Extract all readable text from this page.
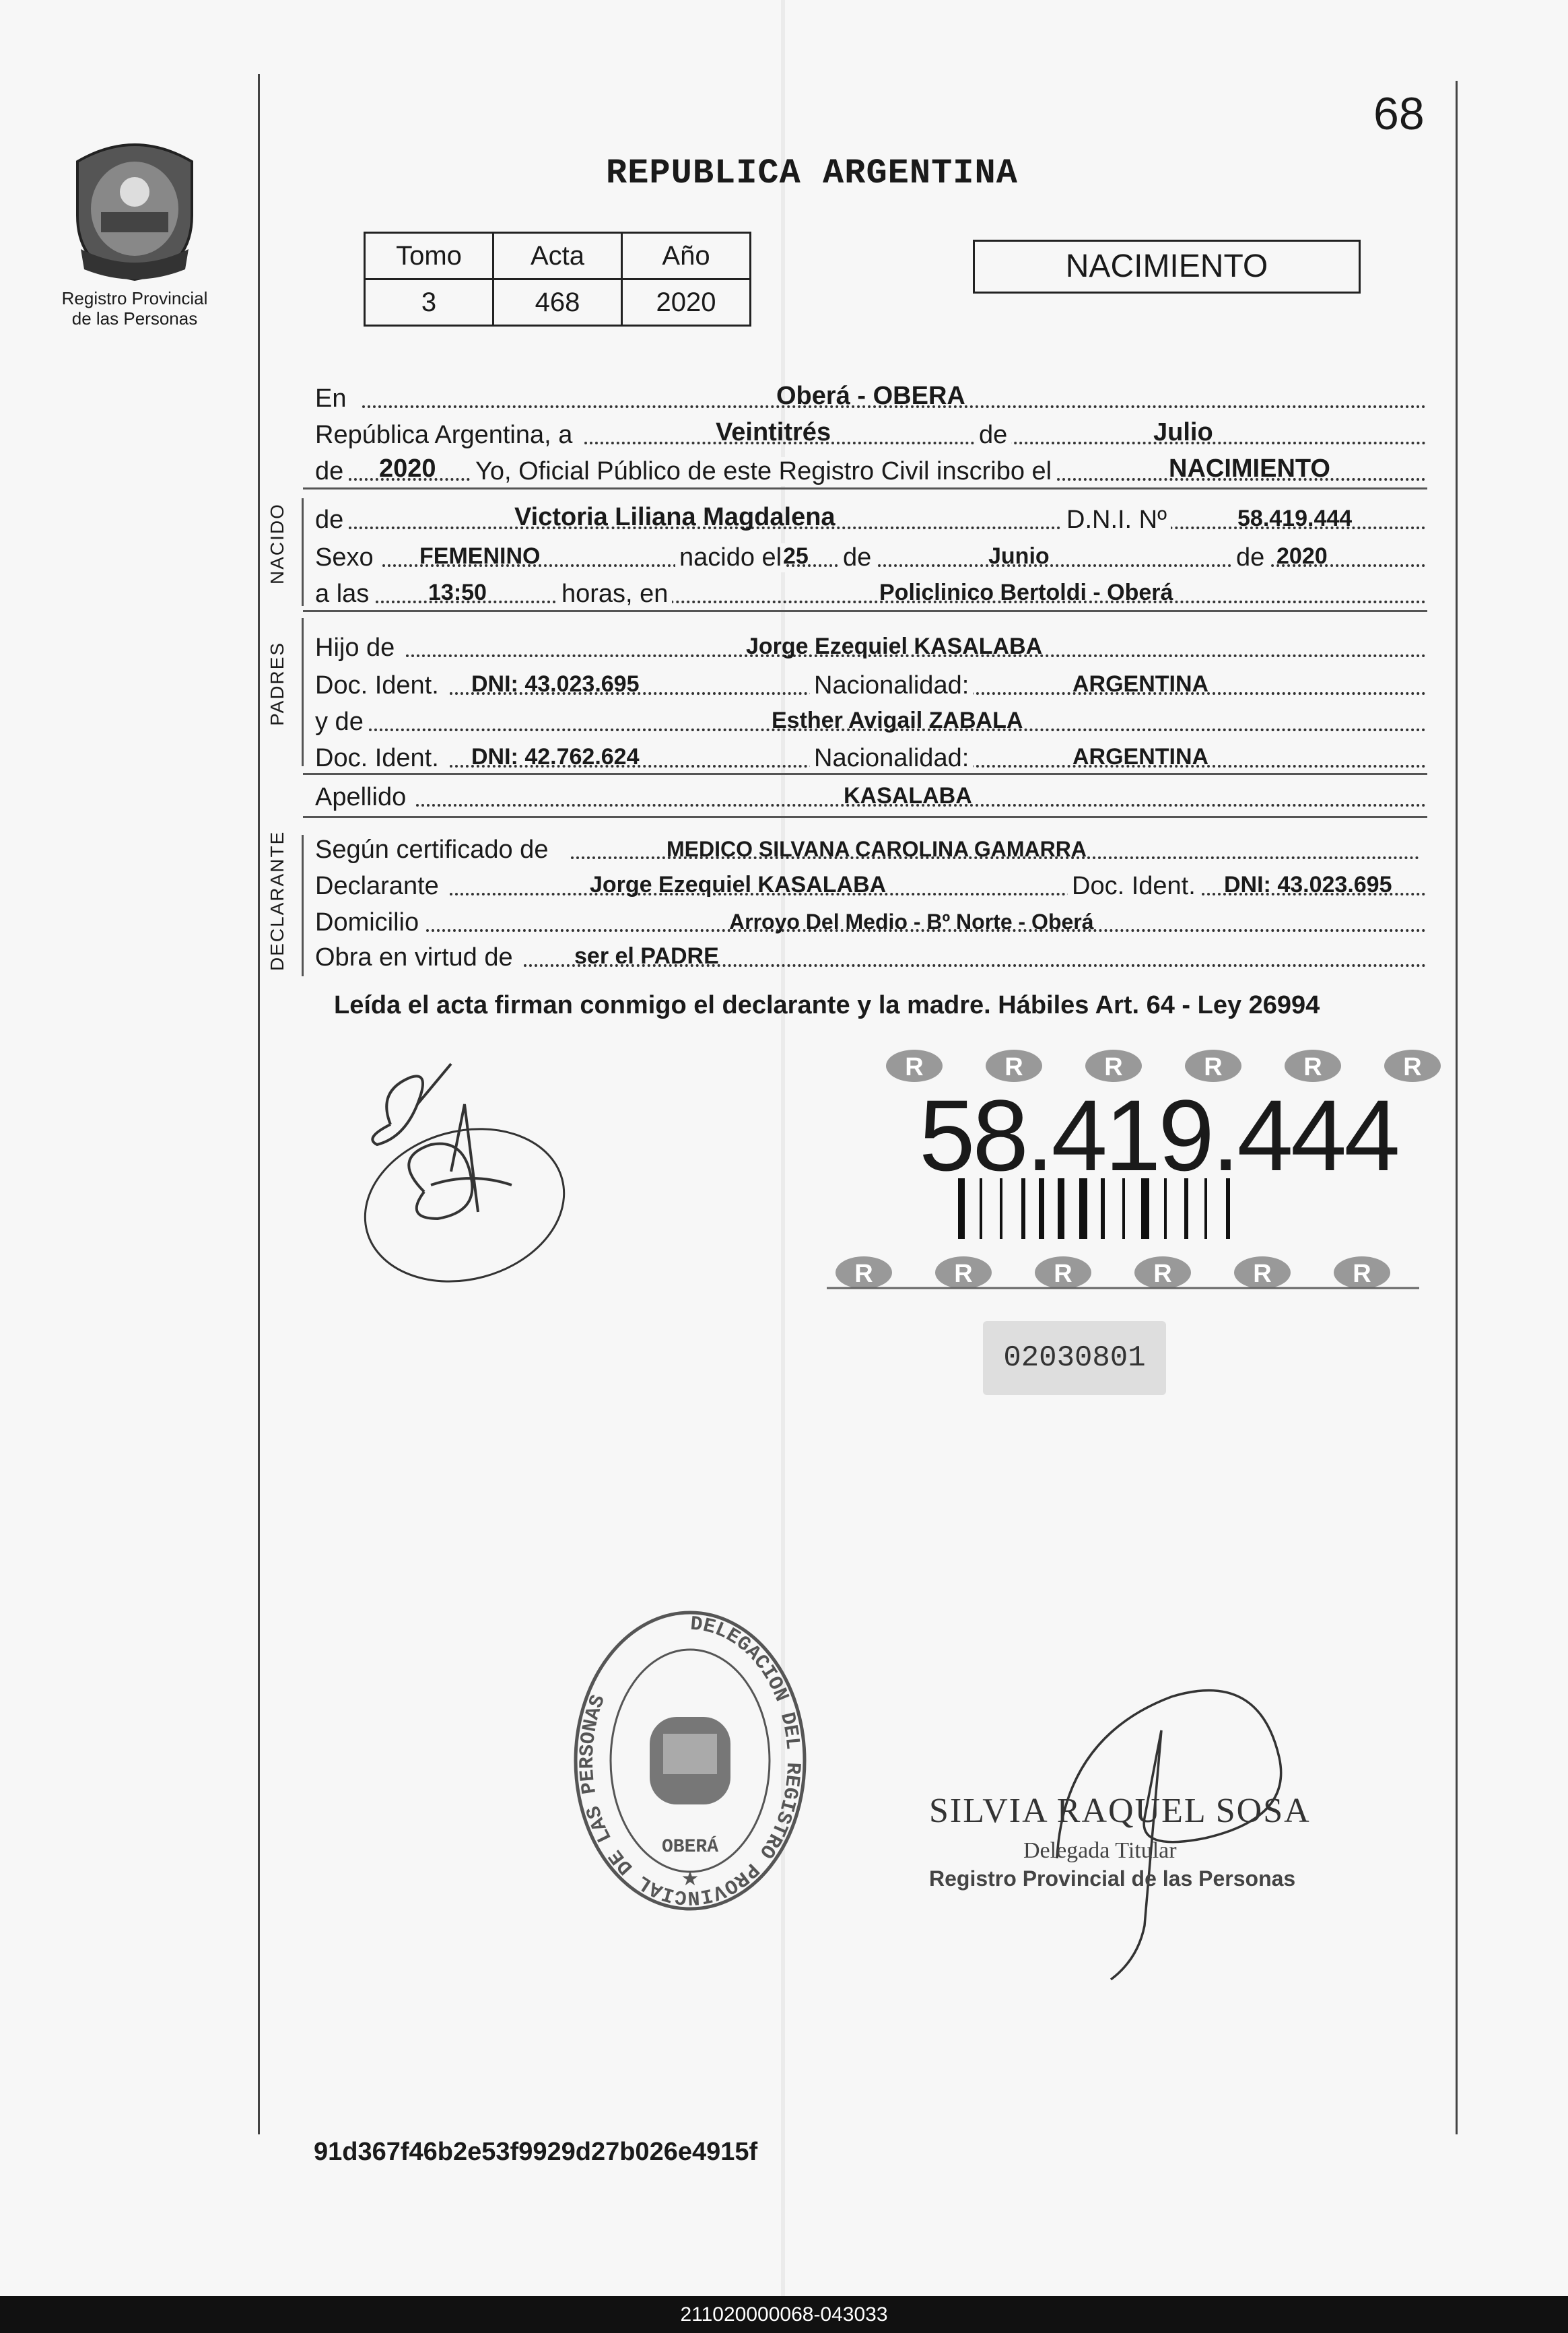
68
Registro Provincial
de las Personas
REPUBLICA ARGENTINA
Tomo	Acta	Año
3	468	2020
NACIMIENTO
En	Oberá - OBERA
República Argentina, a	Veintitrés	de	Julio
de 2020 Yo, Oficial Público de este Registro Civil inscribo el	NACIMIENTO
NACIDO de	Victoria Liliana Magdalena	D.N.I. Nº	58.419.444
Sexo FEMENINO	nacido el 25 de	Junio	de 2020
a las	13:50	horas, en	Policlinico Bertoldi - Oberá
PADRES Hijo de	Jorge Ezequiel KASALABA
Doc. Ident. DNI: 43.023.695	Nacionalidad:	ARGENTINA
y de	Esther Avigail ZABALA
Doc. Ident. DNI: 42.762.624	Nacionalidad:	ARGENTINA
Apellido	KASALABA
DECLARANTE Según certificado de	MEDICO SILVANA CAROLINA GAMARRA
Declarante	Jorge Ezequiel KASALABA	Doc. Ident. DNI: 43.023.695
Domicilio	Arroyo Del Medio - Bº Norte - Oberá
Obra en virtud de	ser el PADRE
Leída el acta firman conmigo el declarante y la madre. Hábiles Art. 64 - Ley 26994
R	R	R	R	R	R
R	R	R	R	R	R
58.419.444
02030801
DELEGACION DEL REGISTRO PROVINCIAL DE LAS PERSONAS
OBERÁ
★
SILVIA RAQUEL SOSA
Delegada Titular
Registro Provincial de las Personas
91d367f46b2e53f9929d27b026e4915f
211020000068-043033
